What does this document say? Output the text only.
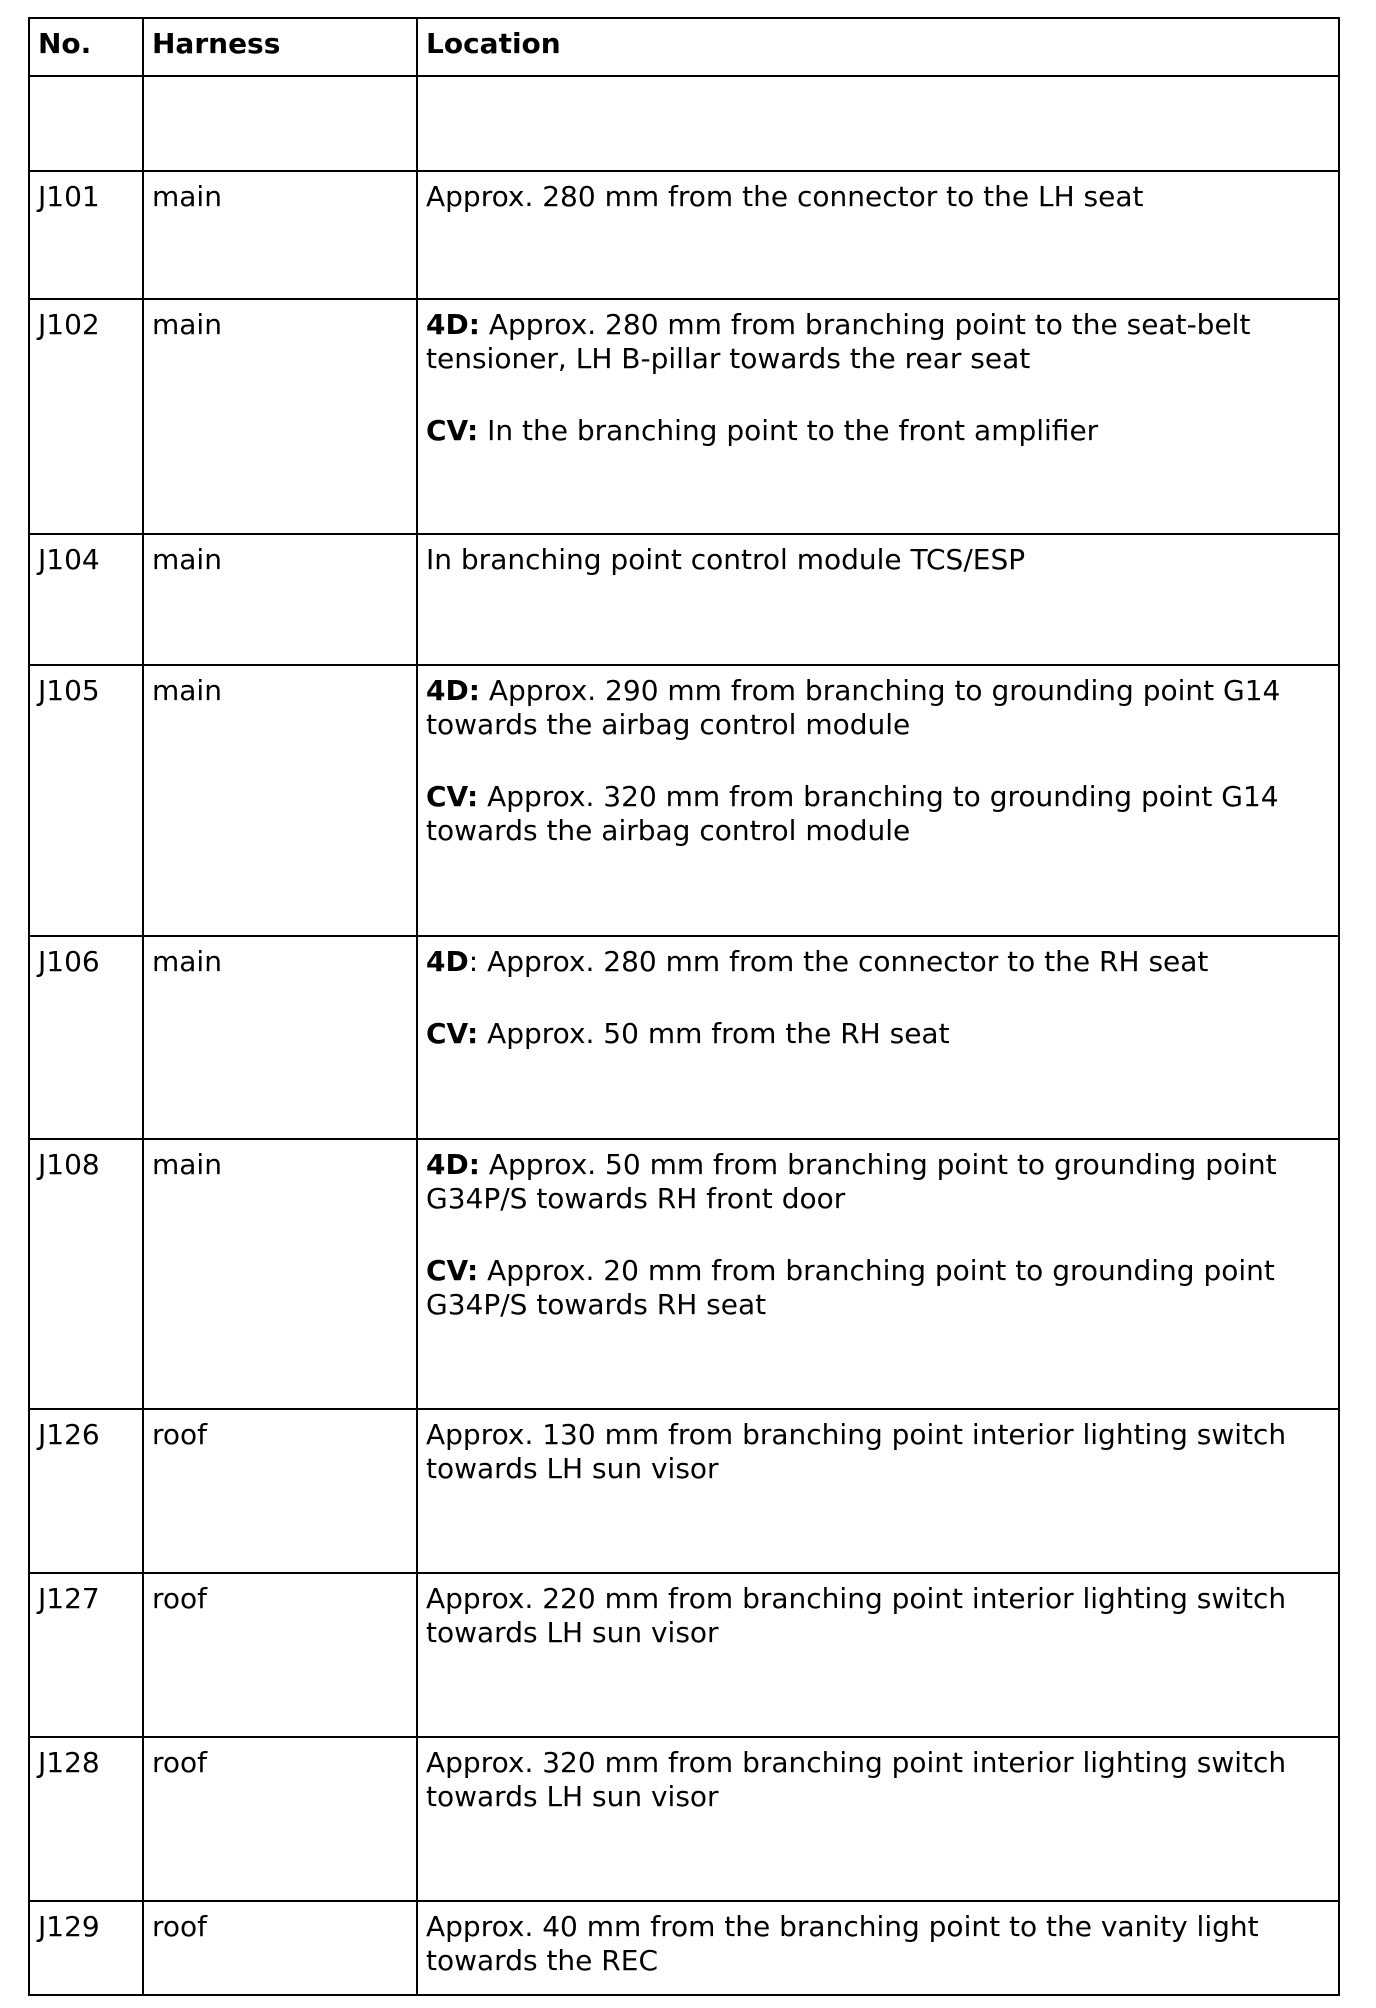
No.	Harness	Location

J101	main	Approx. 280 mm from the connector to the LH seat

J102	main	4D: Approx. 280 mm from branching point to the seat-belt tensioner, LH B-pillar towards the rear seat

CV: In the branching point to the front amplifier

J104	main	In branching point control module TCS/ESP

J105	main	4D: Approx. 290 mm from branching to grounding point G14 towards the airbag control module

CV: Approx. 320 mm from branching to grounding point G14 towards the airbag control module

J106	main	4D: Approx. 280 mm from the connector to the RH seat

CV: Approx. 50 mm from the RH seat

J108	main	4D: Approx. 50 mm from branching point to grounding point G34P/S towards RH front door

CV: Approx. 20 mm from branching point to grounding point G34P/S towards RH seat

J126	roof	Approx. 130 mm from branching point interior lighting switch towards LH sun visor

J127	roof	Approx. 220 mm from branching point interior lighting switch towards LH sun visor

J128	roof	Approx. 320 mm from branching point interior lighting switch towards LH sun visor

J129	roof	Approx. 40 mm from the branching point to the vanity light towards the REC
